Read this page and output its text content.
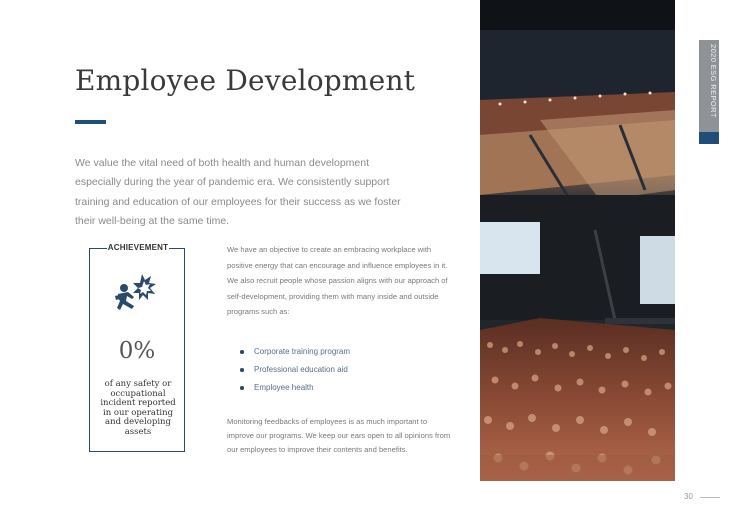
Employee Development

We value the vital need of both health and human development especially during the year of pandemic era. We consistently support training and education of our employees for their success as we foster their well-being at the same time.

ACHIEVEMENT
0%

of any safety or occupational incident reported in our operating and developing assets

We have an objective to create an embracing workplace with positive energy that can encourage and influence employees in it. We also recruit people whose passion aligns with our approach of self-development, providing them with many inside and outside programs such as:

Corporate training program
Professional education aid
Employee health

Monitoring feedbacks of employees is as much important to improve our programs. We keep our ears open to all opinions from our employees to improve their contents and benefits.

2020 ESG REPORT
30
